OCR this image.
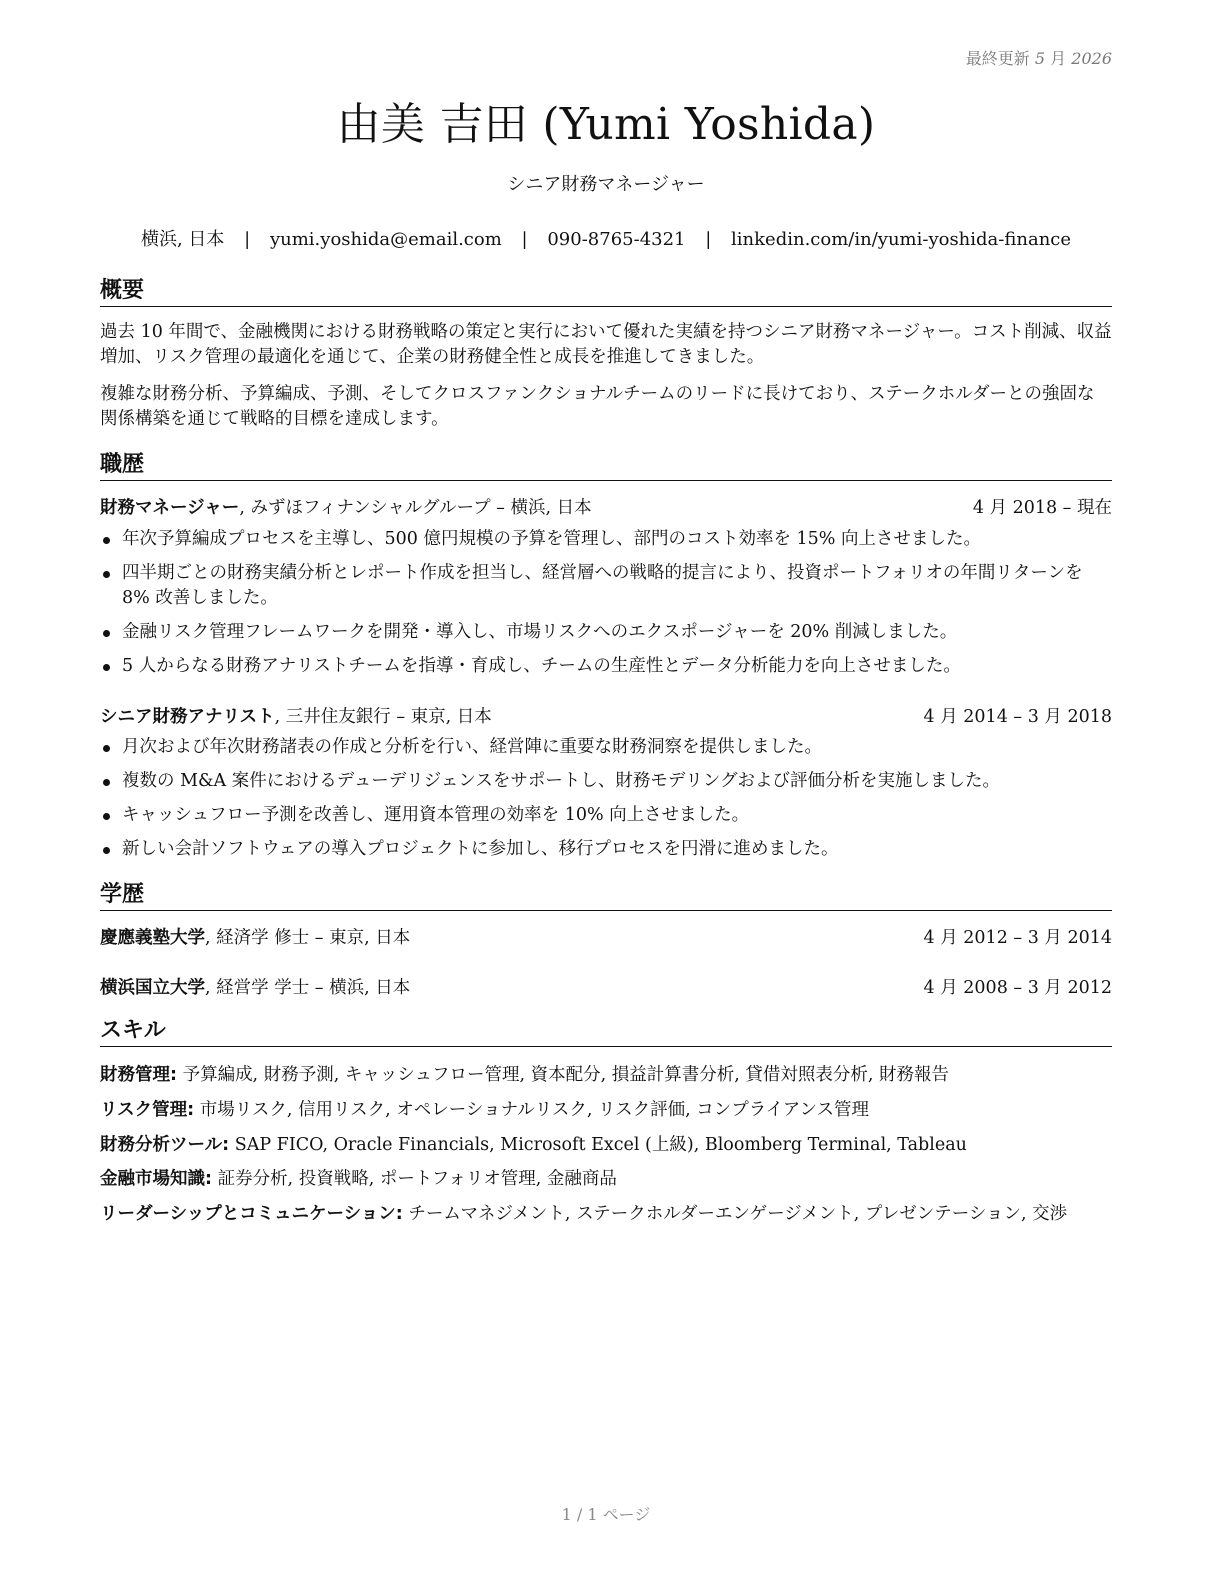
最終更新 5 月 2026
由美 吉田 (Yumi Yoshida)
シニア財務マネージャー
横浜, 日本 | yumi.yoshida@email.com | 090-8765-4321 | linkedin.com/in/yumi-yoshida-finance
概要
過去 10 年間で、金融機関における財務戦略の策定と実行において優れた実績を持つシニア財務マネージャー。コスト削減、収益増加、リスク管理の最適化を通じて、企業の財務健全性と成長を推進してきました。
複雑な財務分析、予算編成、予測、そしてクロスファンクショナルチームのリードに長けており、ステークホルダーとの強固な関係構築を通じて戦略的目標を達成します。
職歴
財務マネージャー, みずほフィナンシャルグループ – 横浜, 日本	4 月 2018 – 現在
年次予算編成プロセスを主導し、500 億円規模の予算を管理し、部門のコスト効率を 15% 向上させました。
四半期ごとの財務実績分析とレポート作成を担当し、経営層への戦略的提言により、投資ポートフォリオの年間リターンを 8% 改善しました。
金融リスク管理フレームワークを開発・導入し、市場リスクへのエクスポージャーを 20% 削減しました。
5 人からなる財務アナリストチームを指導・育成し、チームの生産性とデータ分析能力を向上させました。
シニア財務アナリスト, 三井住友銀行 – 東京, 日本	4 月 2014 – 3 月 2018
月次および年次財務諸表の作成と分析を行い、経営陣に重要な財務洞察を提供しました。
複数の M&A 案件におけるデューデリジェンスをサポートし、財務モデリングおよび評価分析を実施しました。
キャッシュフロー予測を改善し、運用資本管理の効率を 10% 向上させました。
新しい会計ソフトウェアの導入プロジェクトに参加し、移行プロセスを円滑に進めました。
学歴
慶應義塾大学, 経済学 修士 – 東京, 日本	4 月 2012 – 3 月 2014
横浜国立大学, 経営学 学士 – 横浜, 日本	4 月 2008 – 3 月 2012
スキル
財務管理: 予算編成, 財務予測, キャッシュフロー管理, 資本配分, 損益計算書分析, 貸借対照表分析, 財務報告
リスク管理: 市場リスク, 信用リスク, オペレーショナルリスク, リスク評価, コンプライアンス管理
財務分析ツール: SAP FICO, Oracle Financials, Microsoft Excel (上級), Bloomberg Terminal, Tableau
金融市場知識: 証券分析, 投資戦略, ポートフォリオ管理, 金融商品
リーダーシップとコミュニケーション: チームマネジメント, ステークホルダーエンゲージメント, プレゼンテーション, 交渉
1 / 1 ページ
